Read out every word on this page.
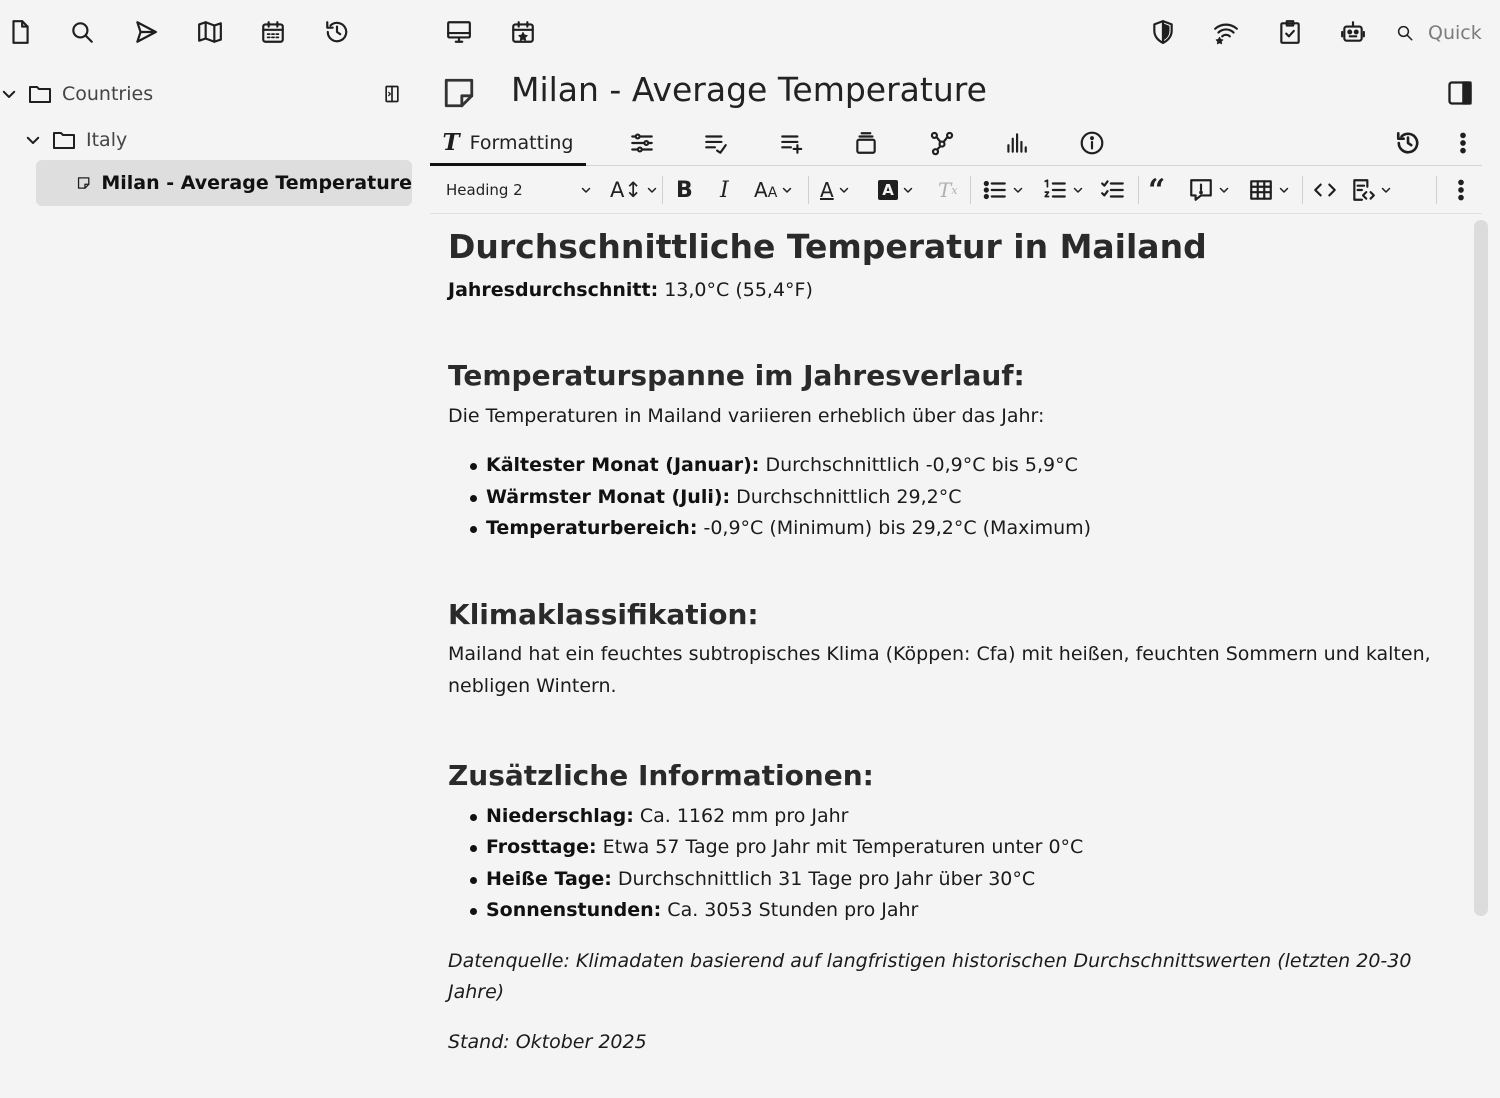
Quick
Countries
Italy
Milan - Average Temperature
Milan - Average Temperature
T Formatting
Heading 2	A↕ B I AA A	A T x	“
Durchschnittliche Temperatur in Mailand

Jahresdurchschnitt: 13,0°C (55,4°F)

Temperaturspanne im Jahresverlauf:

Die Temperaturen in Mailand variieren erheblich über das Jahr:

Kältester Monat (Januar): Durchschnittlich -0,9°C bis 5,9°C
Wärmster Monat (Juli): Durchschnittlich 29,2°C
Temperaturbereich: -0,9°C (Minimum) bis 29,2°C (Maximum)
Klimaklassifikation:

Mailand hat ein feuchtes subtropisches Klima (Köppen: Cfa) mit heißen, feuchten Sommern und kalten, nebligen Wintern.

Zusätzliche Informationen:
Niederschlag: Ca. 1162 mm pro Jahr
Frosttage: Etwa 57 Tage pro Jahr mit Temperaturen unter 0°C
Heiße Tage: Durchschnittlich 31 Tage pro Jahr über 30°C
Sonnenstunden: Ca. 3053 Stunden pro Jahr

Datenquelle: Klimadaten basierend auf langfristigen historischen Durchschnittswerten (letzten 20-30 Jahre)

Stand: Oktober 2025
